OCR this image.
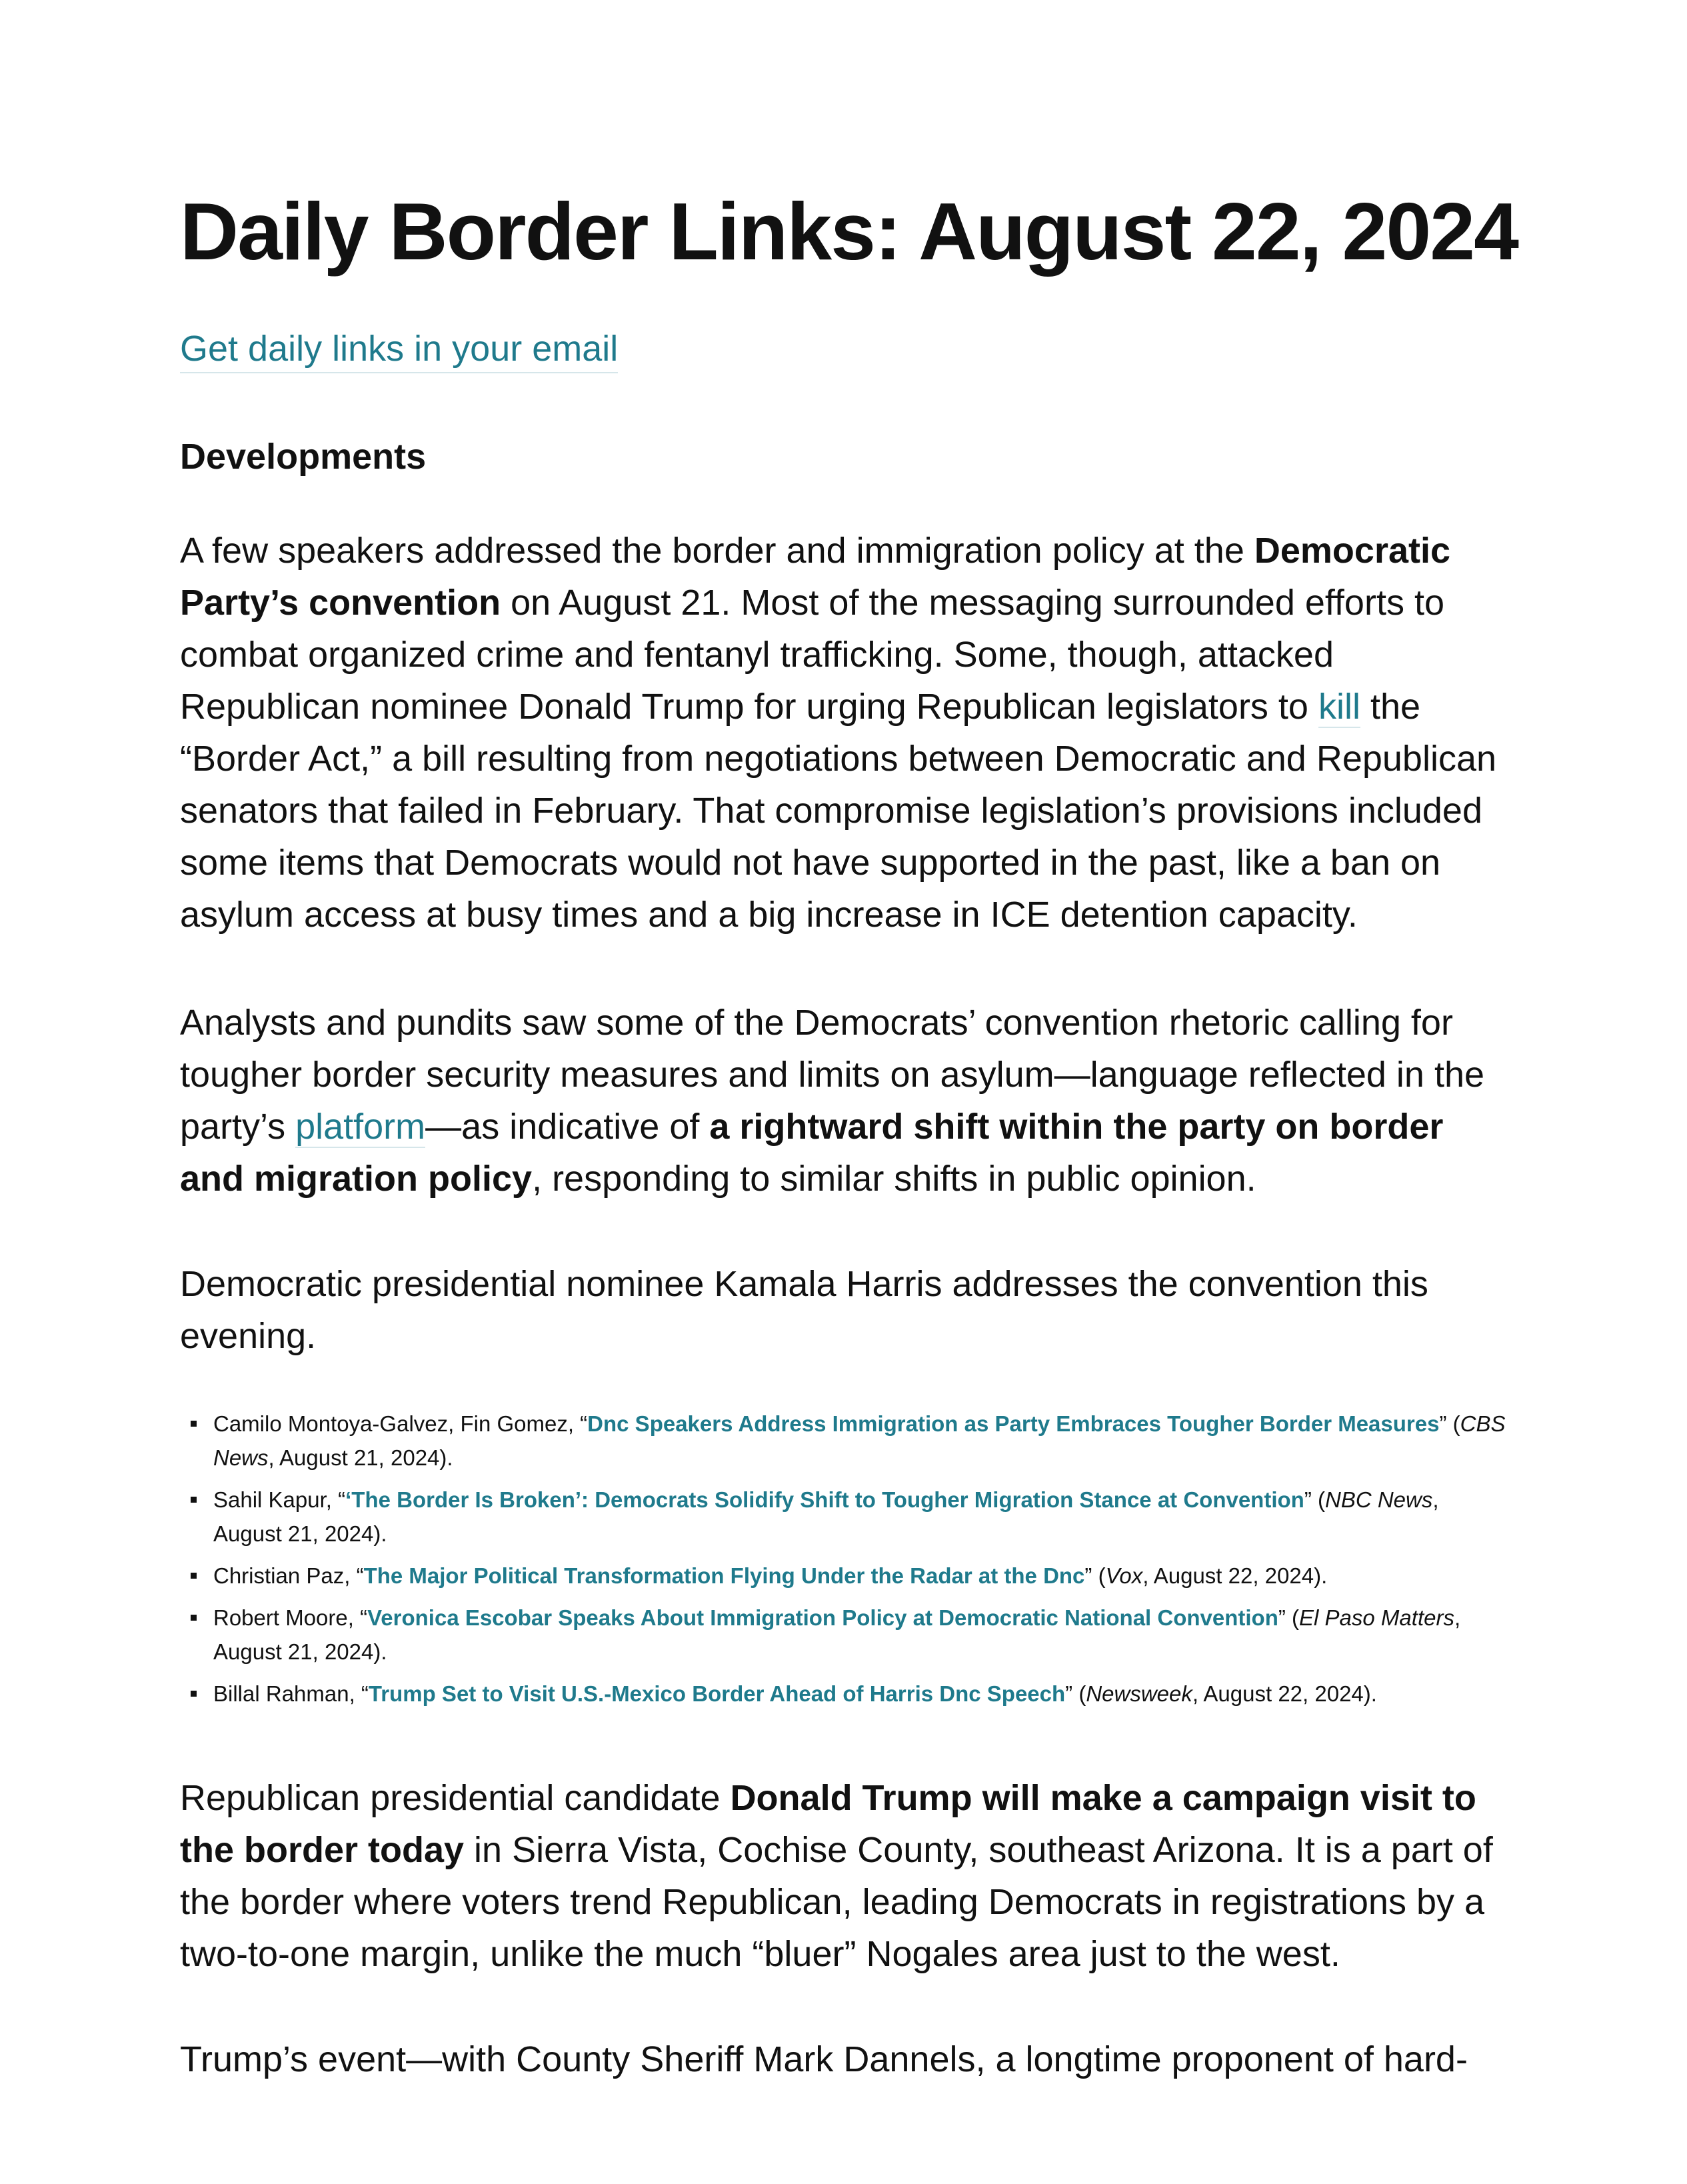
Daily Border Links: August 22, 2024
Get daily links in your email
Developments

A few speakers addressed the border and immigration policy at the Democratic Party’s convention on August 21. Most of the messaging surrounded efforts to combat organized crime and fentanyl trafficking. Some, though, attacked Republican nominee Donald Trump for urging Republican legislators to kill the “Border Act,” a bill resulting from negotiations between Democratic and Republican senators that failed in February. That compromise legislation’s provisions included some items that Democrats would not have supported in the past, like a ban on asylum access at busy times and a big increase in ICE detention capacity.

Analysts and pundits saw some of the Democrats’ convention rhetoric calling for tougher border security measures and limits on asylum—language reflected in the party’s platform—as indicative of a rightward shift within the party on border and migration policy, responding to similar shifts in public opinion.

Democratic presidential nominee Kamala Harris addresses the convention this evening.

Camilo Montoya-Galvez, Fin Gomez, “Dnc Speakers Address Immigration as Party Embraces Tougher Border Measures” (CBS News, August 21, 2024).
Sahil Kapur, “‘The Border Is Broken’: Democrats Solidify Shift to Tougher Migration Stance at Convention” (NBC News, August 21, 2024).
Christian Paz, “The Major Political Transformation Flying Under the Radar at the Dnc” (Vox, August 22, 2024).
Robert Moore, “Veronica Escobar Speaks About Immigration Policy at Democratic National Convention” (El Paso Matters, August 21, 2024).
Billal Rahman, “Trump Set to Visit U.S.-Mexico Border Ahead of Harris Dnc Speech” (Newsweek, August 22, 2024).

Republican presidential candidate Donald Trump will make a campaign visit to the border today in Sierra Vista, Cochise County, southeast Arizona. It is a part of the border where voters trend Republican, leading Democrats in registrations by a two-to-one margin, unlike the much “bluer” Nogales area just to the west.

Trump’s event—with County Sheriff Mark Dannels, a longtime proponent of hard-
